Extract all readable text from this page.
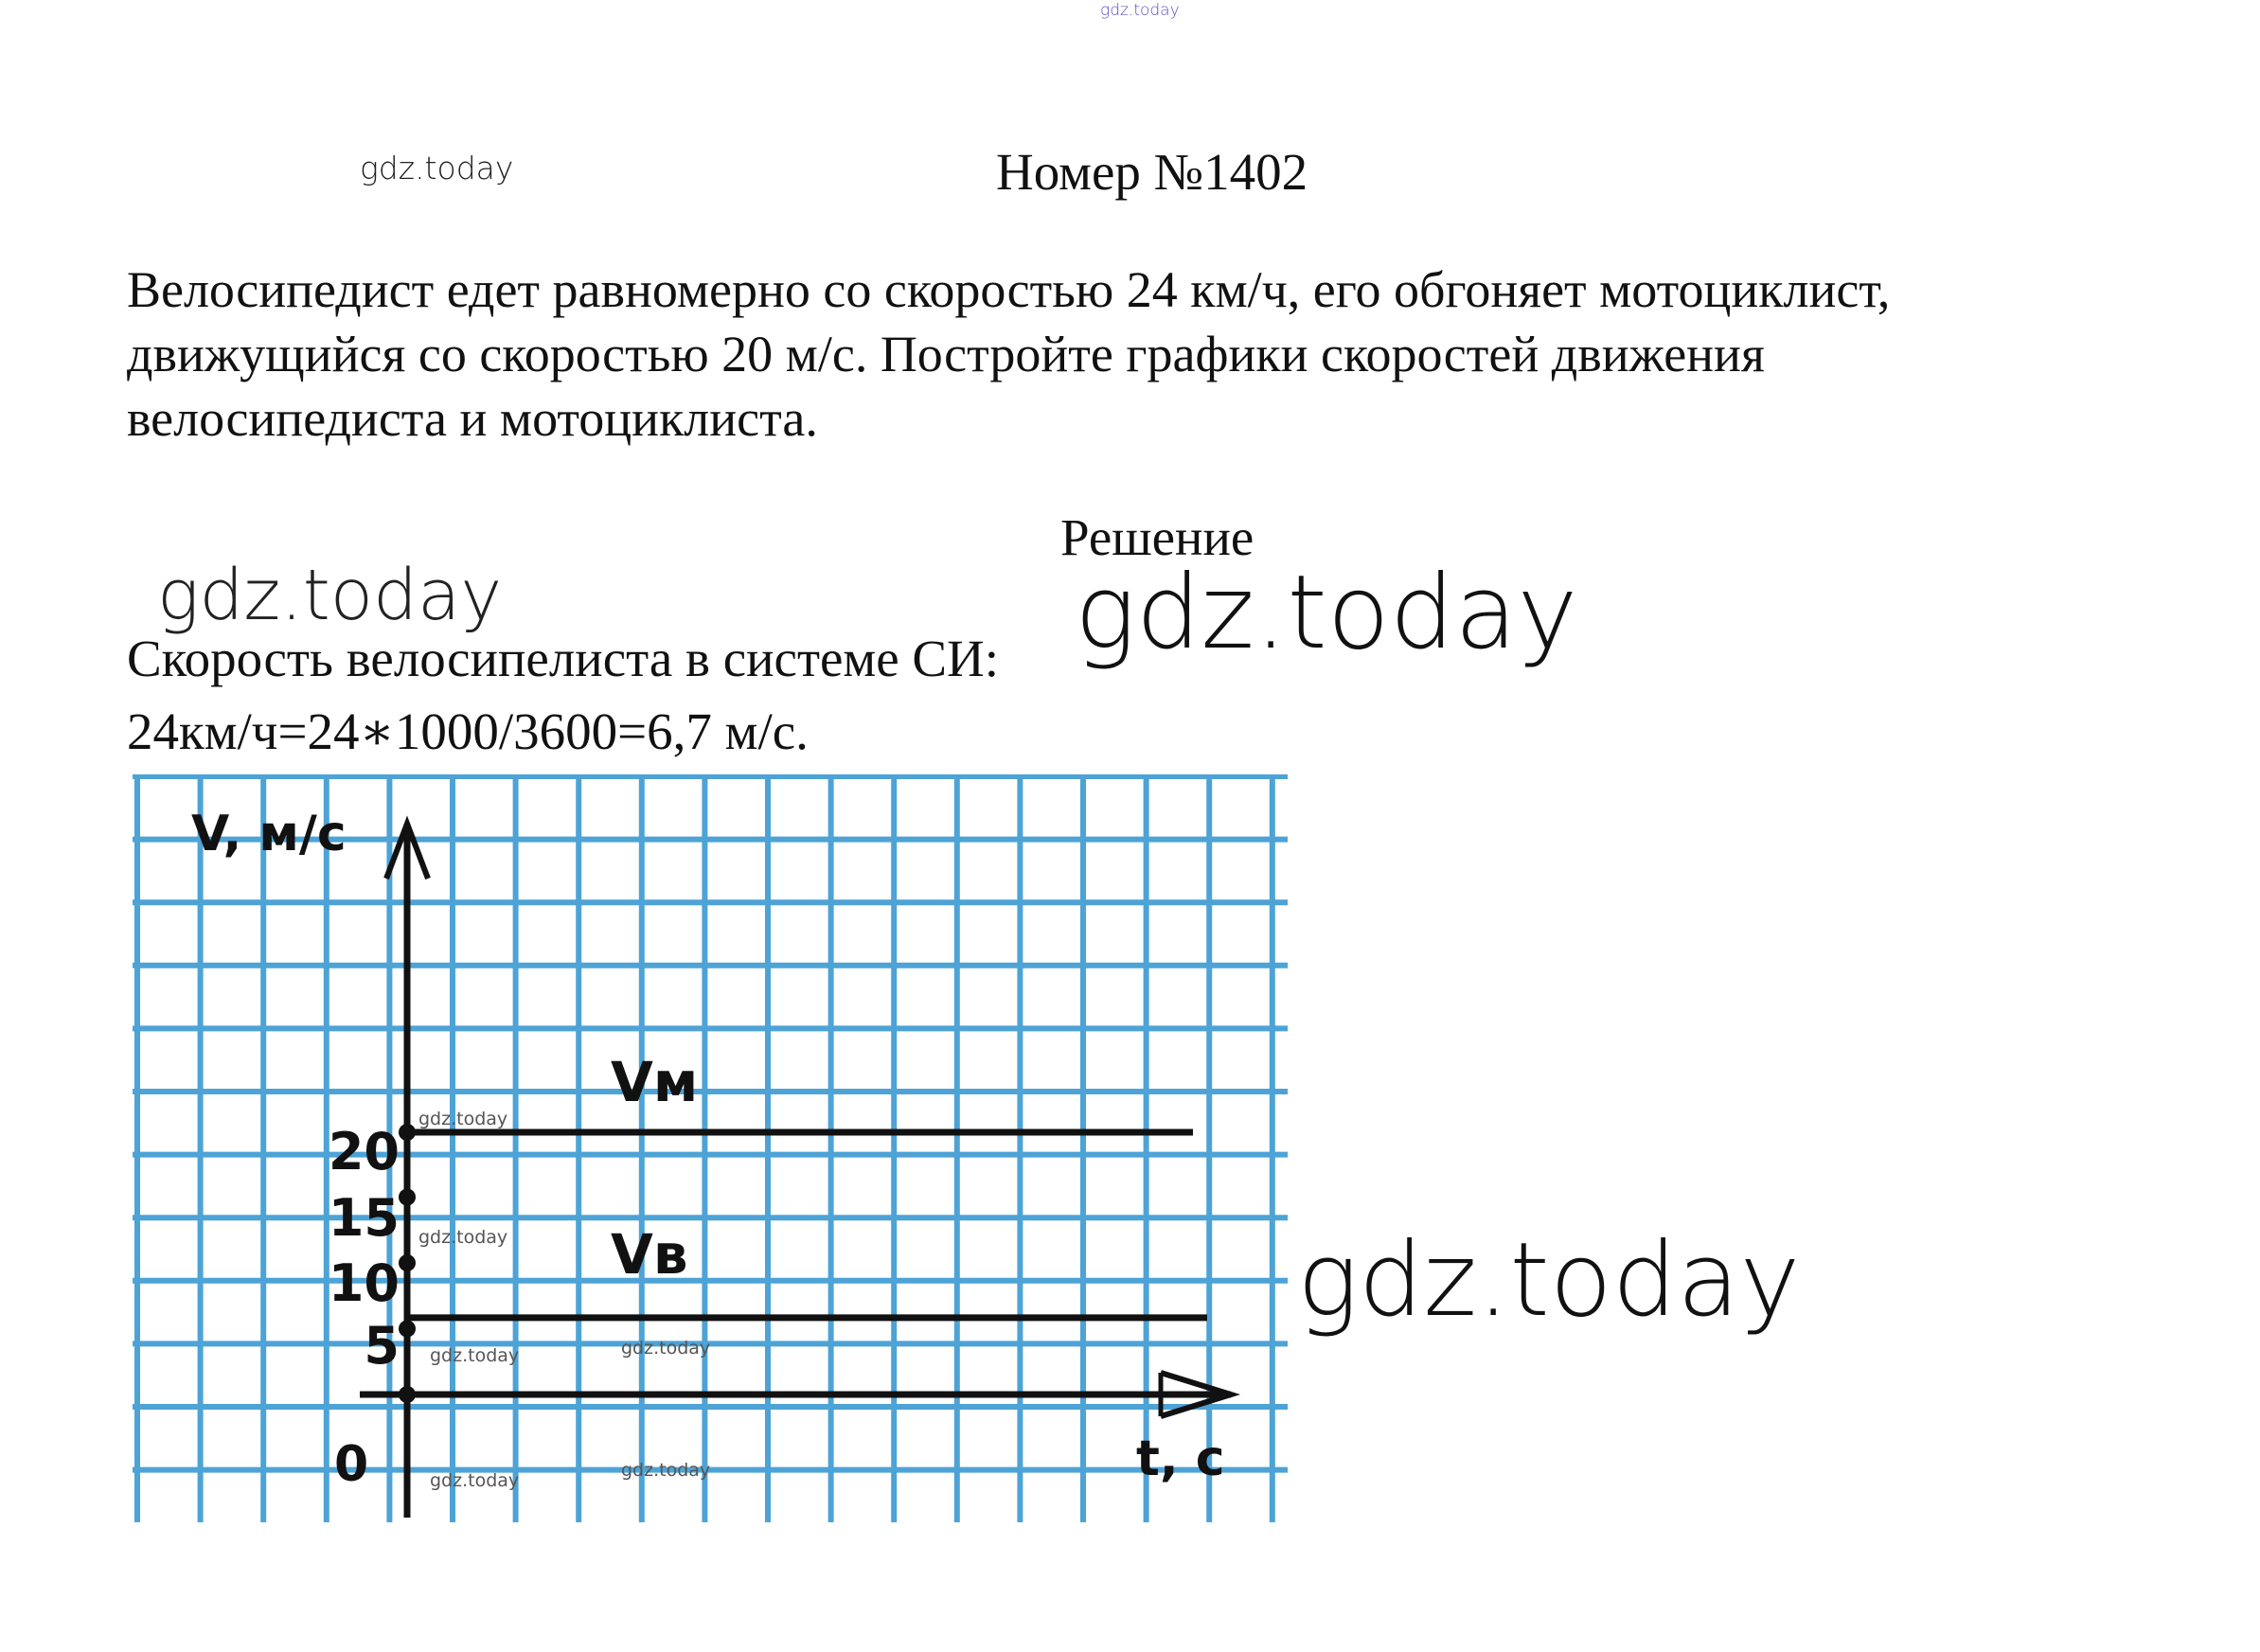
gdz.today
gdz.today	Номер №1402

Велосипедист едет равномерно со скоростью 24 км/ч, его обгоняет мотоциклист,

движущийся со скоростью 20 м/с. Постройте графики скоростей движения

велосипедиста и мотоциклиста.

Решение
gdz.today	gdz.today
Скорость велосипелиста в системе СИ:
24км/ч=24∗1000/3600=6,7 м/с.
Vм
Vв
5
10
15
20
V, м/с
t, с
0
gdz.today
gdz.today
gdz.today	gdz.today
gdz.today	gdz.today
gdz.today
